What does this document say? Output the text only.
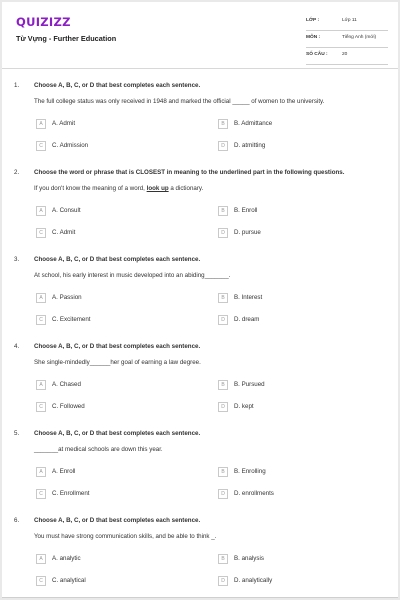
QUIZIZZ
Từ Vựng - Further Education
LỚP :	Lớp 11
MÔN :	Tiếng Anh (mới)
SỐ CÂU :	20
1. Choose A, B, C, or D that best completes each sentence.
The full college status was only received in 1948 and marked the official _____ of women to the university.
A	A. Admit	B	B. Admittance
C	C. Admission	D	D. atmitting
2. Choose the word or phrase that is CLOSEST in meaning to the underlined part in the following questions.
If you don't know the meaning of a word, look up a dictionary.
A	A. Consult	B	B. Enroll
C	C. Admit	D	D. pursue
3. Choose A, B, C, or D that best completes each sentence.
At school, his early interest in music developed into an abiding_______.
A	A. Passion	B	B. Interest
C	C. Excitement	D	D. dream
4. Choose A, B, C, or D that best completes each sentence.
She single-mindedly______her goal of earning a law degree.
A	A. Chased	B	B. Pursued
C	C. Followed	D	D. kept
5. Choose A, B, C, or D that best completes each sentence.
_______at medical schools are down this year.
A	A. Enroll	B	B. Enrolling
C	C. Enrollment	D	D. enrollments
6. Choose A, B, C, or D that best completes each sentence.
You must have strong communication skills, and be able to think _.
A	A. analytic	B	B. analysis
C	C. analytical	D	D. analytically
